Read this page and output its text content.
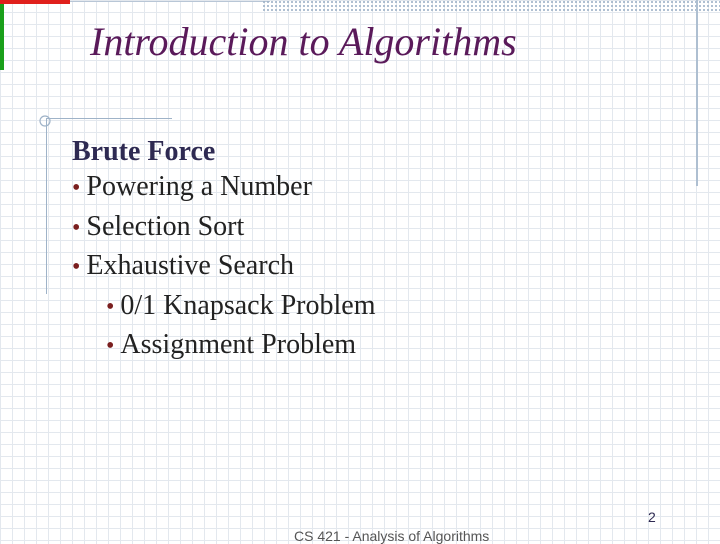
Introduction to Algorithms
Brute Force
• Powering a Number
• Selection Sort
• Exhaustive Search
• 0/1 Knapsack Problem
• Assignment Problem
2
CS 421 - Analysis of Algorithms
